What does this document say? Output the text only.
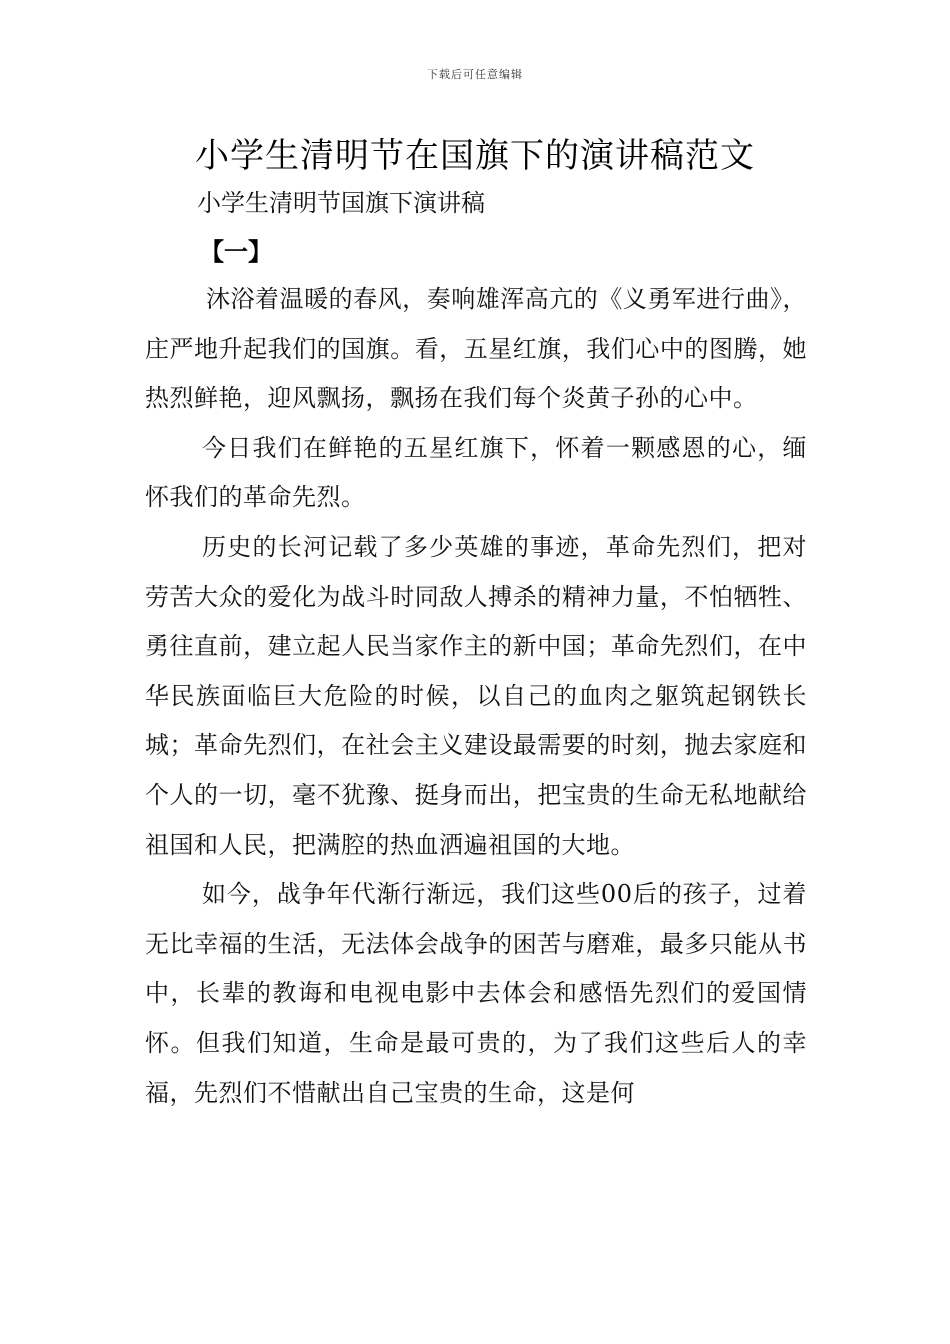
下载后可任意编辑
小学生清明节在国旗下的演讲稿范文
小学生清明节国旗下演讲稿
【一】

沐浴着温暖的春风，奏响雄浑高亢的《义勇军进行曲》，庄严地升起我们的国旗。看，五星红旗，我们心中的图腾，她热烈鲜艳，迎风飘扬，飘扬在我们每个炎黄子孙的心中。

今日我们在鲜艳的五星红旗下，怀着一颗感恩的心，缅怀我们的革命先烈。

历史的长河记载了多少英雄的事迹，革命先烈们，把对劳苦大众的爱化为战斗时同敌人搏杀的精神力量，不怕牺牲、勇往直前，建立起人民当家作主的新中国；革命先烈们，在中华民族面临巨大危险的时候，以自己的血肉之躯筑起钢铁长城；革命先烈们，在社会主义建设最需要的时刻，抛去家庭和个人的一切，毫不犹豫、挺身而出，把宝贵的生命无私地献给祖国和人民，把满腔的热血洒遍祖国的大地。

如今，战争年代渐行渐远，我们这些00后的孩子，过着无比幸福的生活，无法体会战争的困苦与磨难，最多只能从书中，长辈的教诲和电视电影中去体会和感悟先烈们的爱国情怀。但我们知道，生命是最可贵的，为了我们这些后人的幸福，先烈们不惜献出自己宝贵的生命，这是何
